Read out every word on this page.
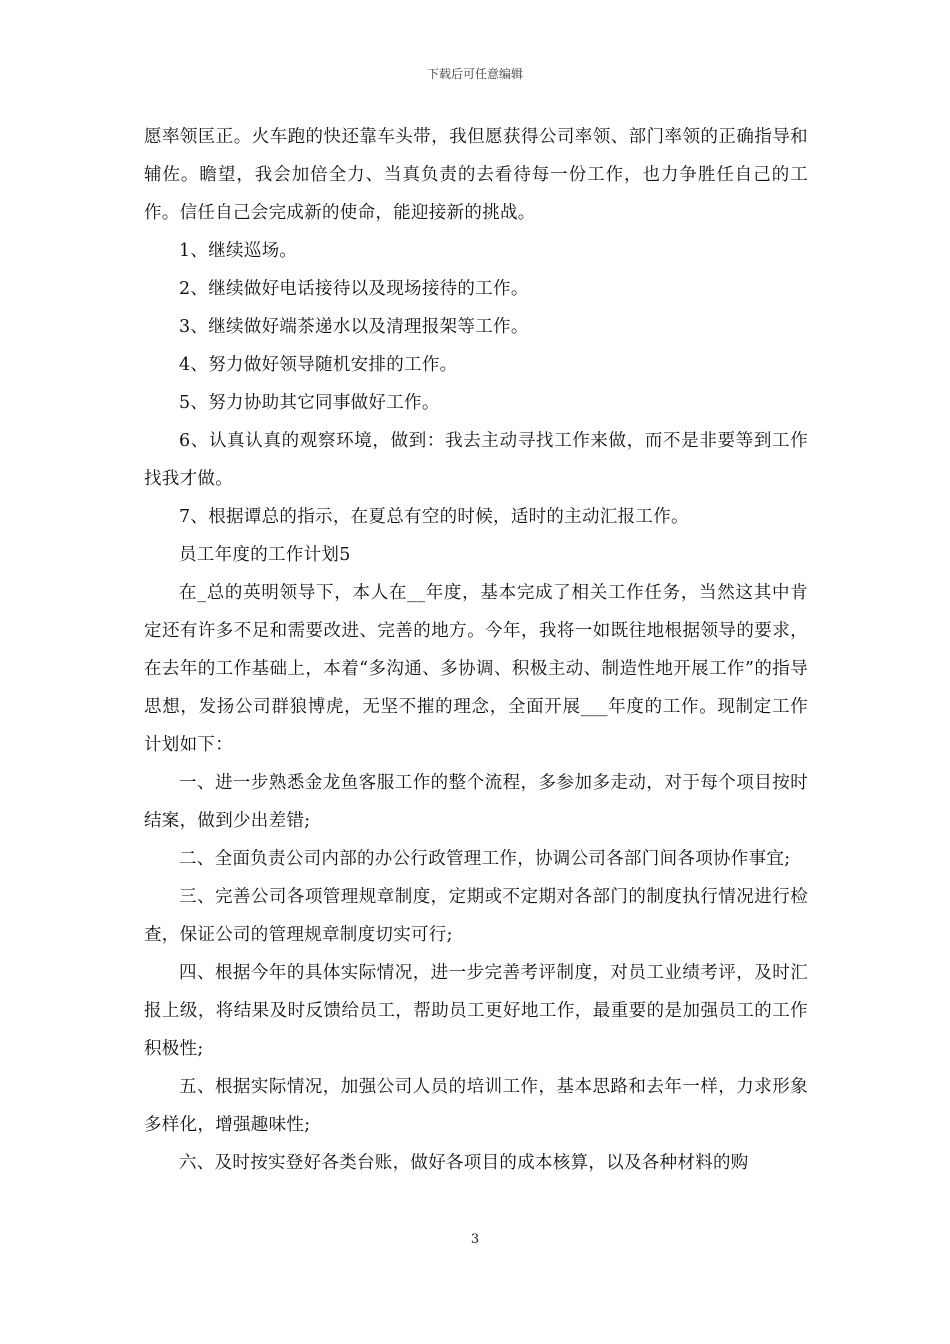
下载后可任意编辑

愿率领匡正。火车跑的快还靠车头带，我但愿获得公司率领、部门率领的正确指导和辅佐。瞻望，我会加倍全力、当真负责的去看待每一份工作，也力争胜任自己的工作。信任自己会完成新的使命，能迎接新的挑战。

1、继续巡场。

2、继续做好电话接待以及现场接待的工作。

3、继续做好端茶递水以及清理报架等工作。

4、努力做好领导随机安排的工作。

5、努力协助其它同事做好工作。

6、认真认真的观察环境，做到：我去主动寻找工作来做，而不是非要等到工作找我才做。

7、根据谭总的指示，在夏总有空的时候，适时的主动汇报工作。

员工年度的工作计划5

在_总的英明领导下，本人在__年度，基本完成了相关工作任务，当然这其中肯定还有许多不足和需要改进、完善的地方。今年，我将一如既往地根据领导的要求，在去年的工作基础上，本着“多沟通、多协调、积极主动、制造性地开展工作”的指导思想，发扬公司群狼博虎，无坚不摧的理念，全面开展___年度的工作。现制定工作计划如下：

一、进一步熟悉金龙鱼客服工作的整个流程，多参加多走动，对于每个项目按时结案，做到少出差错;

二、全面负责公司内部的办公行政管理工作，协调公司各部门间各项协作事宜;

三、完善公司各项管理规章制度，定期或不定期对各部门的制度执行情况进行检查，保证公司的管理规章制度切实可行;

四、根据今年的具体实际情况，进一步完善考评制度，对员工业绩考评，及时汇报上级，将结果及时反馈给员工，帮助员工更好地工作，最重要的是加强员工的工作积极性;

五、根据实际情况，加强公司人员的培训工作，基本思路和去年一样，力求形象多样化，增强趣味性;

六、及时按实登好各类台账，做好各项目的成本核算，以及各种材料的购

3
